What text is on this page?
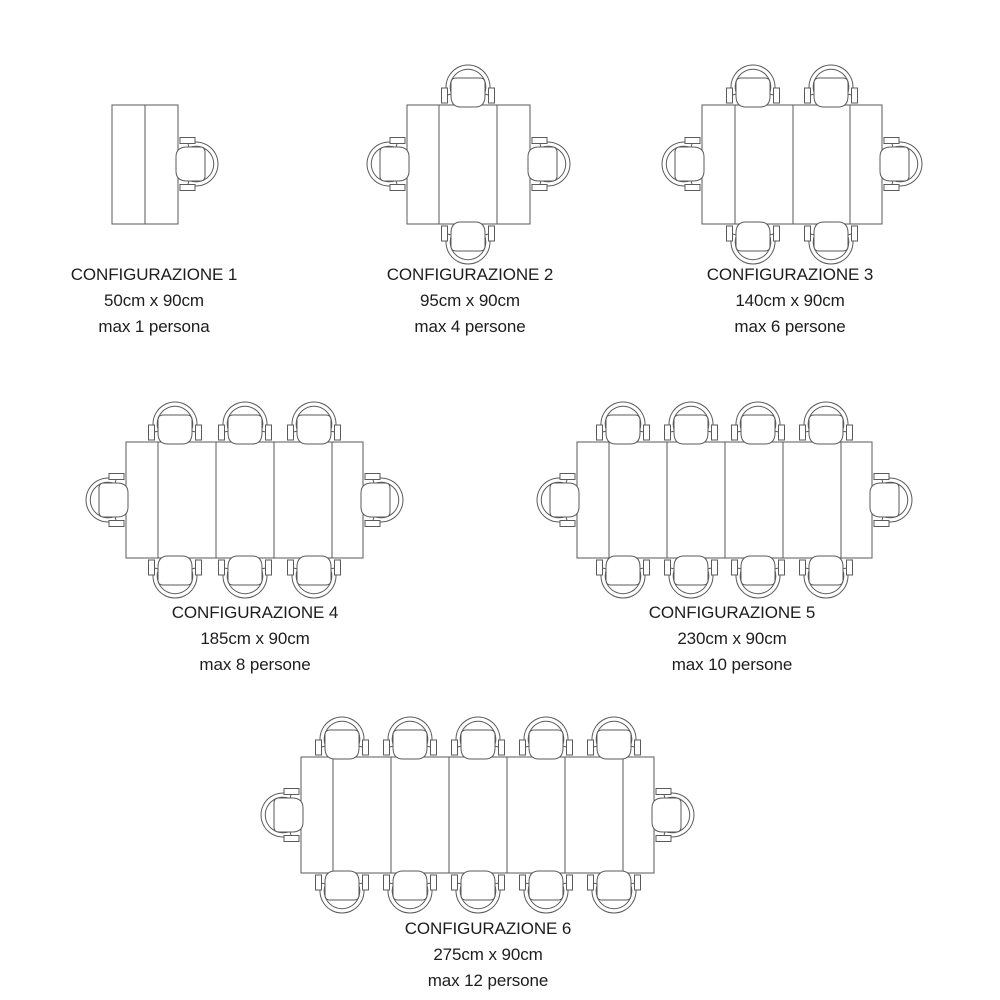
CONFIGURAZIONE 1
50cm x 90cm
max 1 persona
CONFIGURAZIONE 2
95cm x 90cm
max 4 persone
CONFIGURAZIONE 3
140cm x 90cm
max 6 persone
CONFIGURAZIONE 4
185cm x 90cm
max 8 persone
CONFIGURAZIONE 5
230cm x 90cm
max 10 persone
CONFIGURAZIONE 6
275cm x 90cm
max 12 persone
